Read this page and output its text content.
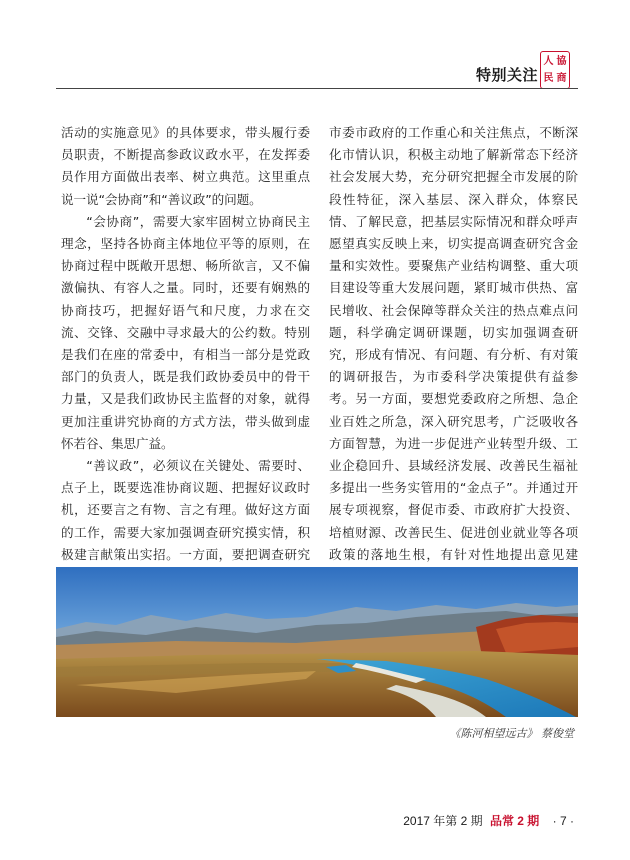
特别关注
人 協
民 商

活动的实施意见》的具体要求，带头履行委员职责，不断提高参政议政水平，在发挥委员作用方面做出表率、树立典范。这里重点说一说“会协商”和“善议政”的问题。

“会协商”，需要大家牢固树立协商民主理念，坚持各协商主体地位平等的原则，在协商过程中既敞开思想、畅所欲言，又不偏激偏执、有容人之量。同时，还要有娴熟的协商技巧，把握好语气和尺度，力求在交流、交锋、交融中寻求最大的公约数。特别是我们在座的常委中，有相当一部分是党政部门的负责人，既是我们政协委员中的骨干力量，又是我们政协民主监督的对象，就得更加注重讲究协商的方式方法，带头做到虚怀若谷、集思广益。

“善议政”，必须议在关键处、需要时、点子上，既要选准协商议题、把握好议政时机，还要言之有物、言之有理。做好这方面的工作，需要大家加强调查研究摸实情，积极建言献策出实招。一方面，要把调查研究

市委市政府的工作重心和关注焦点，不断深化市情认识，积极主动地了解新常态下经济社会发展大势，充分研究把握全市发展的阶段性特征，深入基层、深入群众，体察民情、了解民意，把基层实际情况和群众呼声愿望真实反映上来，切实提高调查研究含金量和实效性。要聚焦产业结构调整、重大项目建设等重大发展问题，紧盯城市供热、富民增收、社会保障等群众关注的热点难点问题，科学确定调研课题，切实加强调查研究，形成有情况、有问题、有分析、有对策的调研报告，为市委科学决策提供有益参考。另一方面，要想党委政府之所想、急企业百姓之所急，深入研究思考，广泛吸收各方面智慧，为进一步促进产业转型升级、工业企稳回升、县域经济发展、改善民生福祉多提出一些务实管用的“金点子”。并通过开展专项视察，督促市委、市政府扩大投资、培植财源、改善民生、促进创业就业等各项政策的落地生根，有针对性地提出意见建

《陈河相望远古》 蔡俊堂
2017 年第 2 期 品常 2 期 · 7 ·
